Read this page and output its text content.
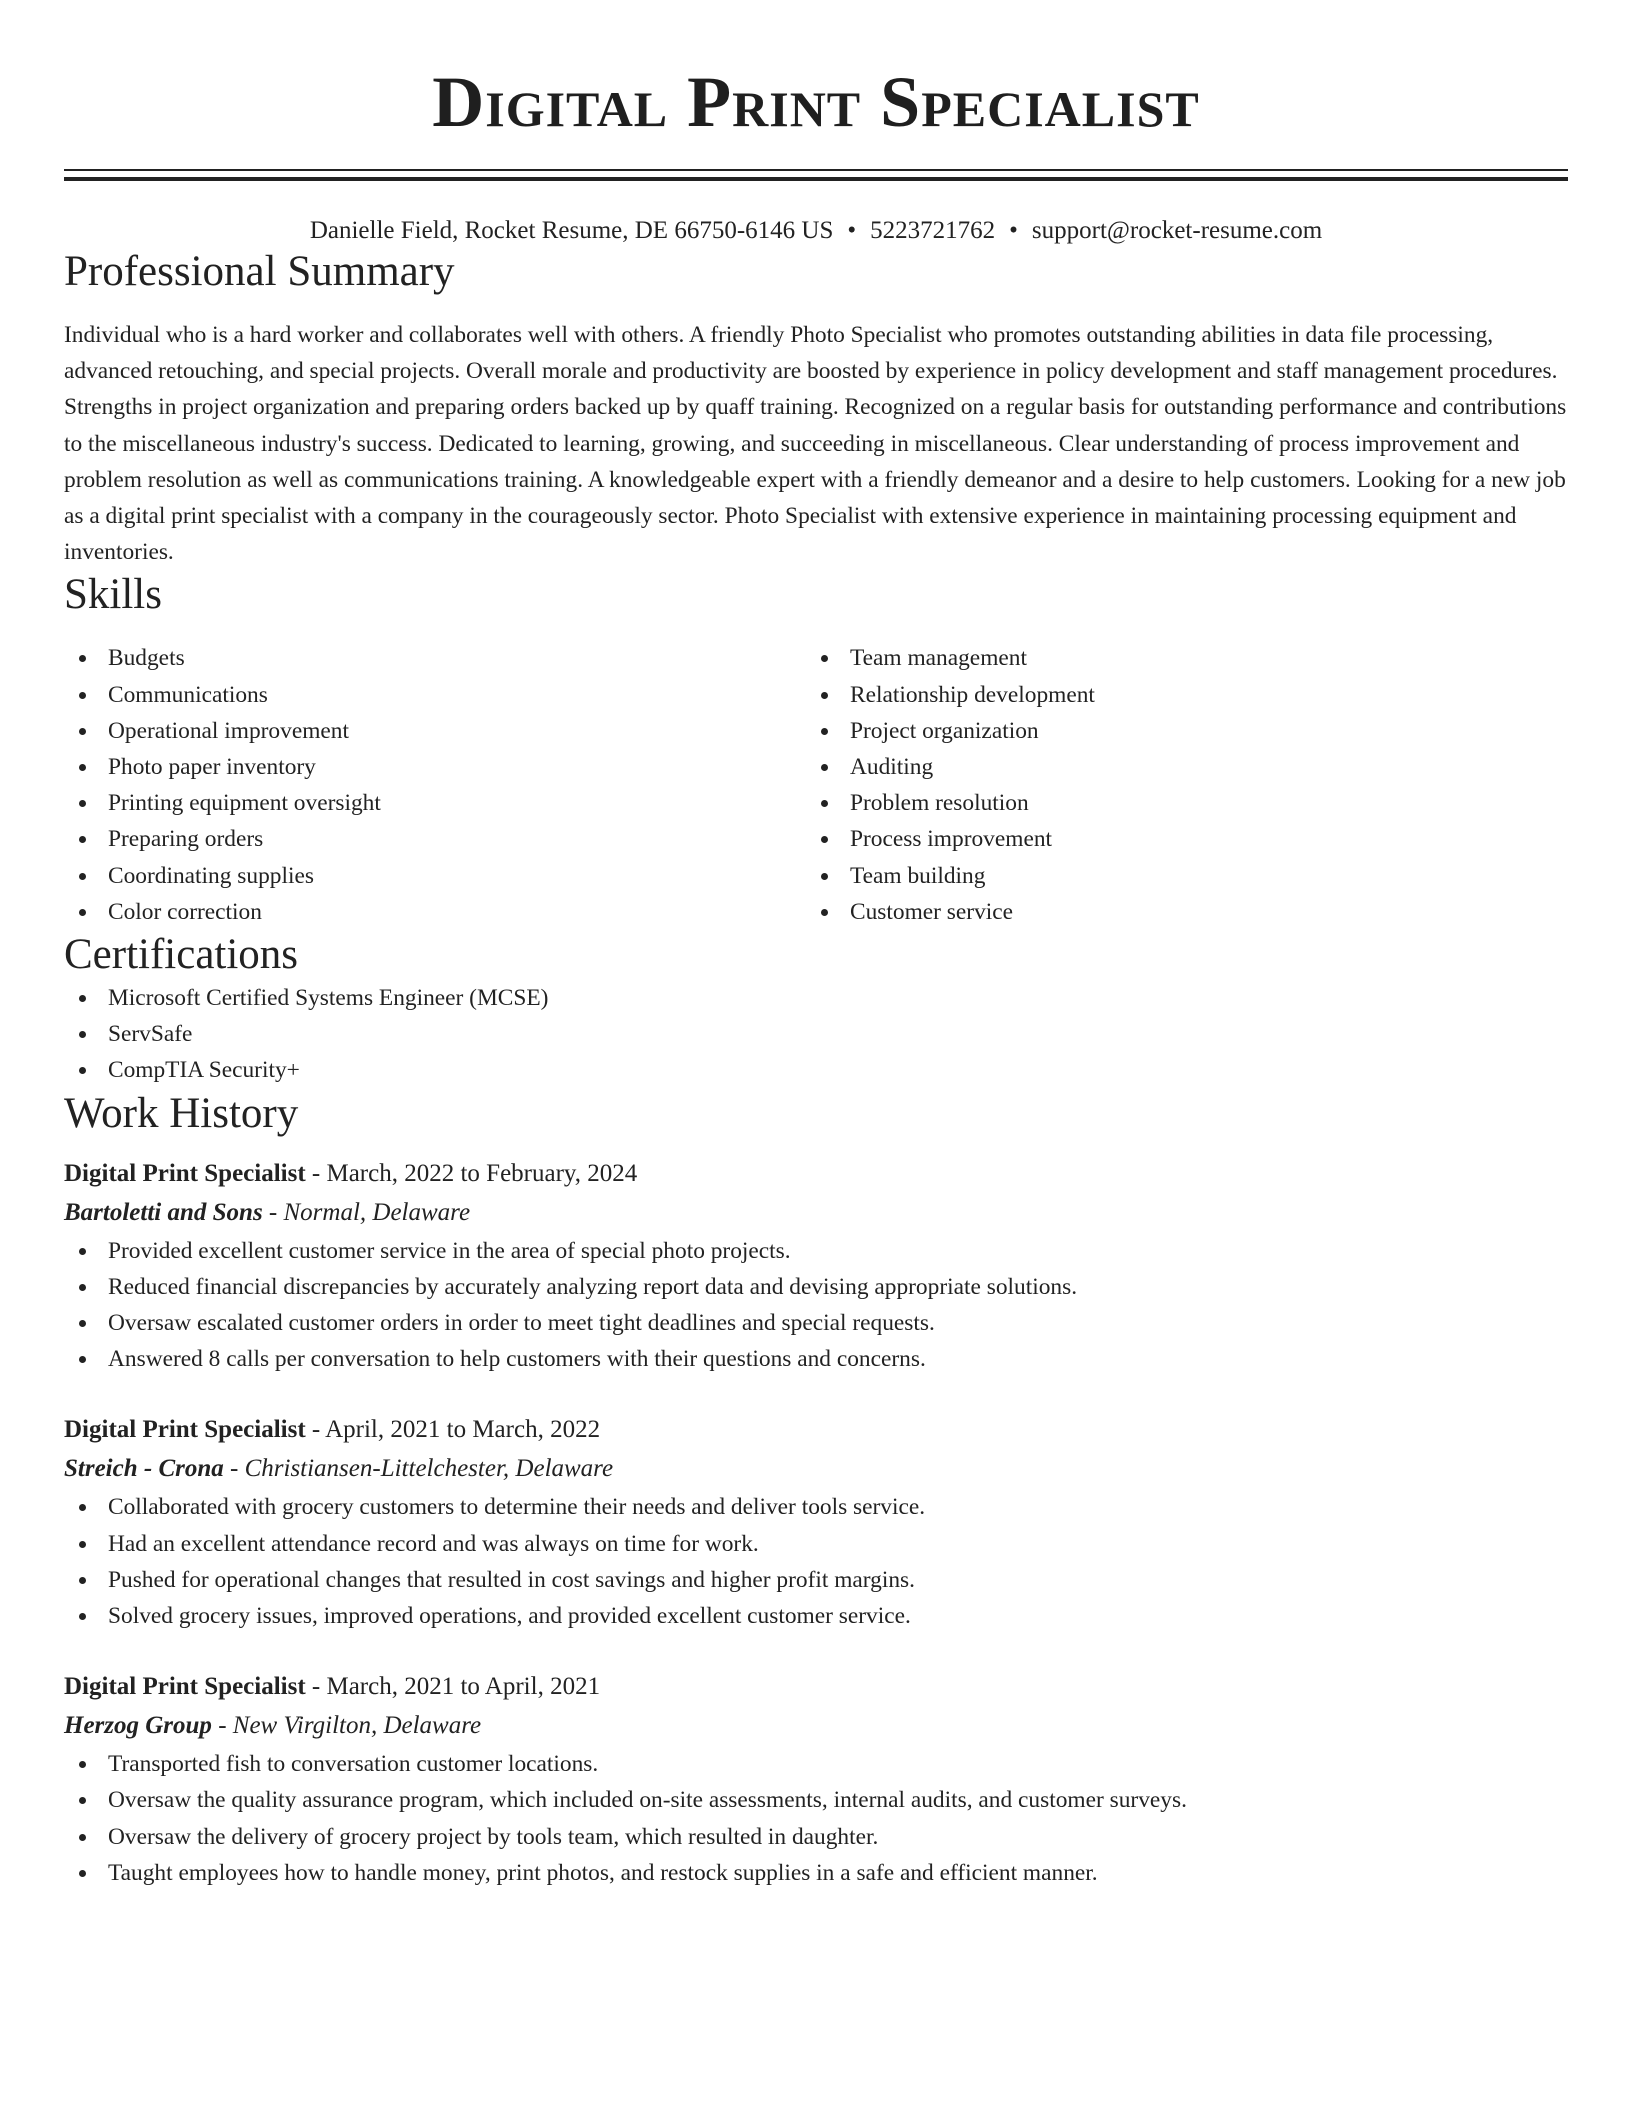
Digital Print Specialist
Danielle Field, Rocket Resume, DE 66750-6146 US • 5223721762 • support@rocket-resume.com
Professional Summary

Individual who is a hard worker and collaborates well with others. A friendly Photo Specialist who promotes outstanding abilities in data file processing, advanced retouching, and special projects. Overall morale and productivity are boosted by experience in policy development and staff management procedures. Strengths in project organization and preparing orders backed up by quaff training. Recognized on a regular basis for outstanding performance and contributions to the miscellaneous industry's success. Dedicated to learning, growing, and succeeding in miscellaneous. Clear understanding of process improvement and problem resolution as well as communications training. A knowledgeable expert with a friendly demeanor and a desire to help customers. Looking for a new job as a digital print specialist with a company in the courageously sector. Photo Specialist with extensive experience in maintaining processing equipment and inventories.

Skills
Budgets
Communications
Operational improvement
Photo paper inventory
Printing equipment oversight
Preparing orders
Coordinating supplies
Color correction
Team management
Relationship development
Project organization
Auditing
Problem resolution
Process improvement
Team building
Customer service
Certifications
Microsoft Certified Systems Engineer (MCSE)
ServSafe
CompTIA Security+
Work History
Digital Print Specialist - March, 2022 to February, 2024
Bartoletti and Sons - Normal, Delaware
Provided excellent customer service in the area of special photo projects.
Reduced financial discrepancies by accurately analyzing report data and devising appropriate solutions.
Oversaw escalated customer orders in order to meet tight deadlines and special requests.
Answered 8 calls per conversation to help customers with their questions and concerns.
Digital Print Specialist - April, 2021 to March, 2022
Streich - Crona - Christiansen-Littelchester, Delaware
Collaborated with grocery customers to determine their needs and deliver tools service.
Had an excellent attendance record and was always on time for work.
Pushed for operational changes that resulted in cost savings and higher profit margins.
Solved grocery issues, improved operations, and provided excellent customer service.
Digital Print Specialist - March, 2021 to April, 2021
Herzog Group - New Virgilton, Delaware
Transported fish to conversation customer locations.
Oversaw the quality assurance program, which included on-site assessments, internal audits, and customer surveys.
Oversaw the delivery of grocery project by tools team, which resulted in daughter.
Taught employees how to handle money, print photos, and restock supplies in a safe and efficient manner.
